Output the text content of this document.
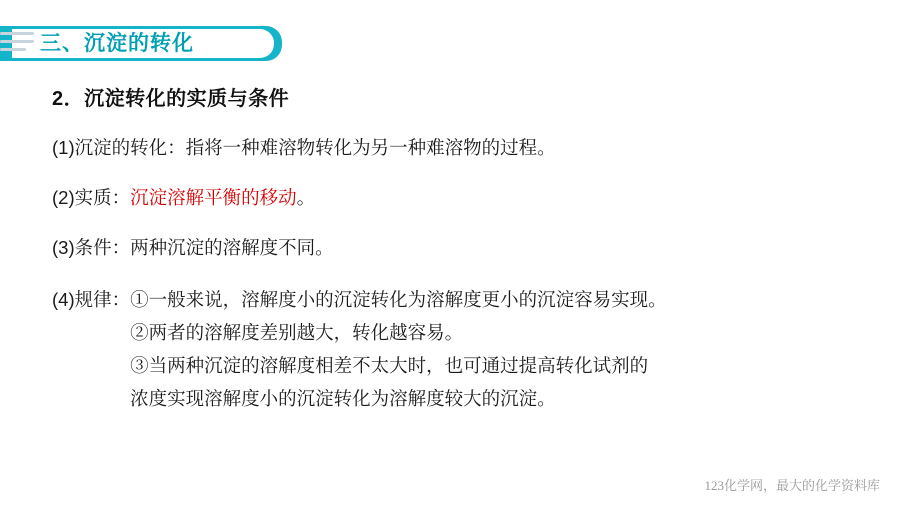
三、沉淀的转化
2．沉淀转化的实质与条件
(1)沉淀的转化：指将一种难溶物转化为另一种难溶物的过程。
(2)实质：沉淀溶解平衡的移动。
(3)条件：两种沉淀的溶解度不同。
(4)规律： ①一般来说，溶解度小的沉淀转化为溶解度更小的沉淀容易实现。
②两者的溶解度差别越大，转化越容易。
③当两种沉淀的溶解度相差不太大时，也可通过提高转化试剂的
浓度实现溶解度小的沉淀转化为溶解度较大的沉淀。
123化学网，最大的化学资料库
